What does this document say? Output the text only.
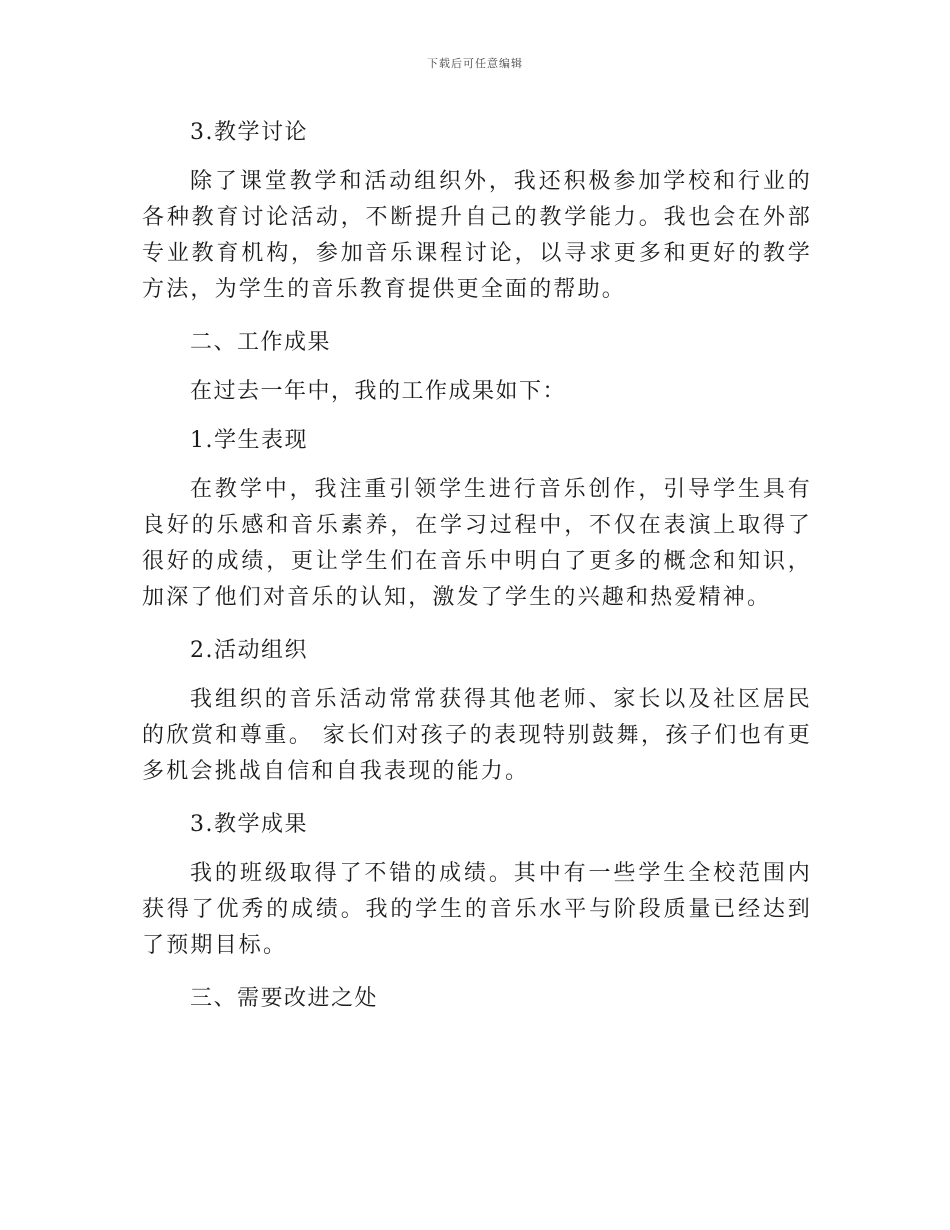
下载后可任意编辑

3.教学讨论

除了课堂教学和活动组织外，我还积极参加学校和行业的各种教育讨论活动，不断提升自己的教学能力。我也会在外部专业教育机构，参加音乐课程讨论，以寻求更多和更好的教学方法，为学生的音乐教育提供更全面的帮助。

二、工作成果

在过去一年中，我的工作成果如下：

1.学生表现

在教学中，我注重引领学生进行音乐创作，引导学生具有良好的乐感和音乐素养，在学习过程中，不仅在表演上取得了很好的成绩，更让学生们在音乐中明白了更多的概念和知识，加深了他们对音乐的认知，激发了学生的兴趣和热爱精神。

2.活动组织

我组织的音乐活动常常获得其他老师、家长以及社区居民的欣赏和尊重。 家长们对孩子的表现特别鼓舞，孩子们也有更多机会挑战自信和自我表现的能力。

3.教学成果

我的班级取得了不错的成绩。其中有一些学生全校范围内获得了优秀的成绩。我的学生的音乐水平与阶段质量已经达到了预期目标。

三、需要改进之处
